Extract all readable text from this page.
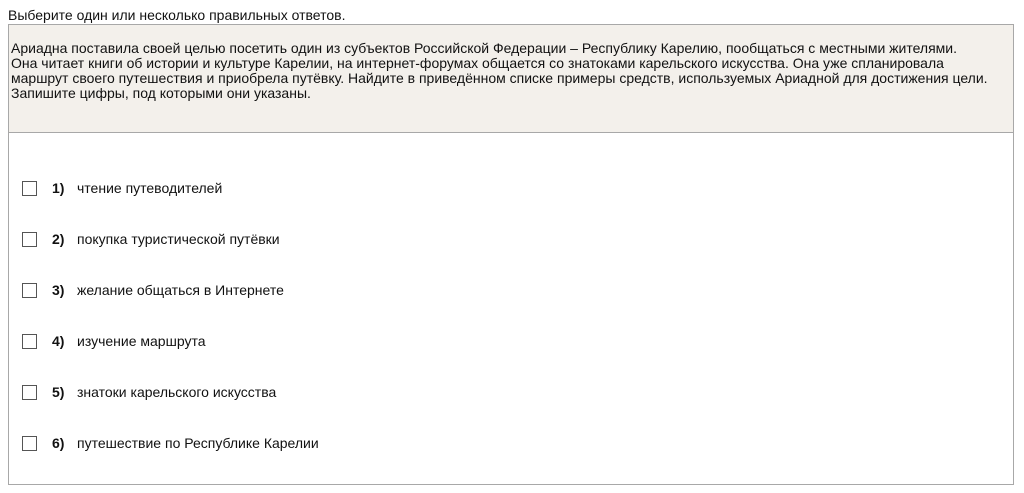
Выберите один или несколько правильных ответов.

Ариадна поставила своей целью посетить один из субъектов Российской Федерации – Республику Карелию, пообщаться с местными жителями.

Она читает книги об истории и культуре Карелии, на интернет-форумах общается со знатоками карельского искусства. Она уже спланировала маршрут своего путешествия и приобрела путёвку. Найдите в приведённом списке примеры средств, используемых Ариадной для достижения цели. Запишите цифры, под которыми они указаны.

1) чтение путеводителей
2) покупка туристической путёвки
3) желание общаться в Интернете
4) изучение маршрута
5) знатоки карельского искусства
6) путешествие по Республике Карелии
